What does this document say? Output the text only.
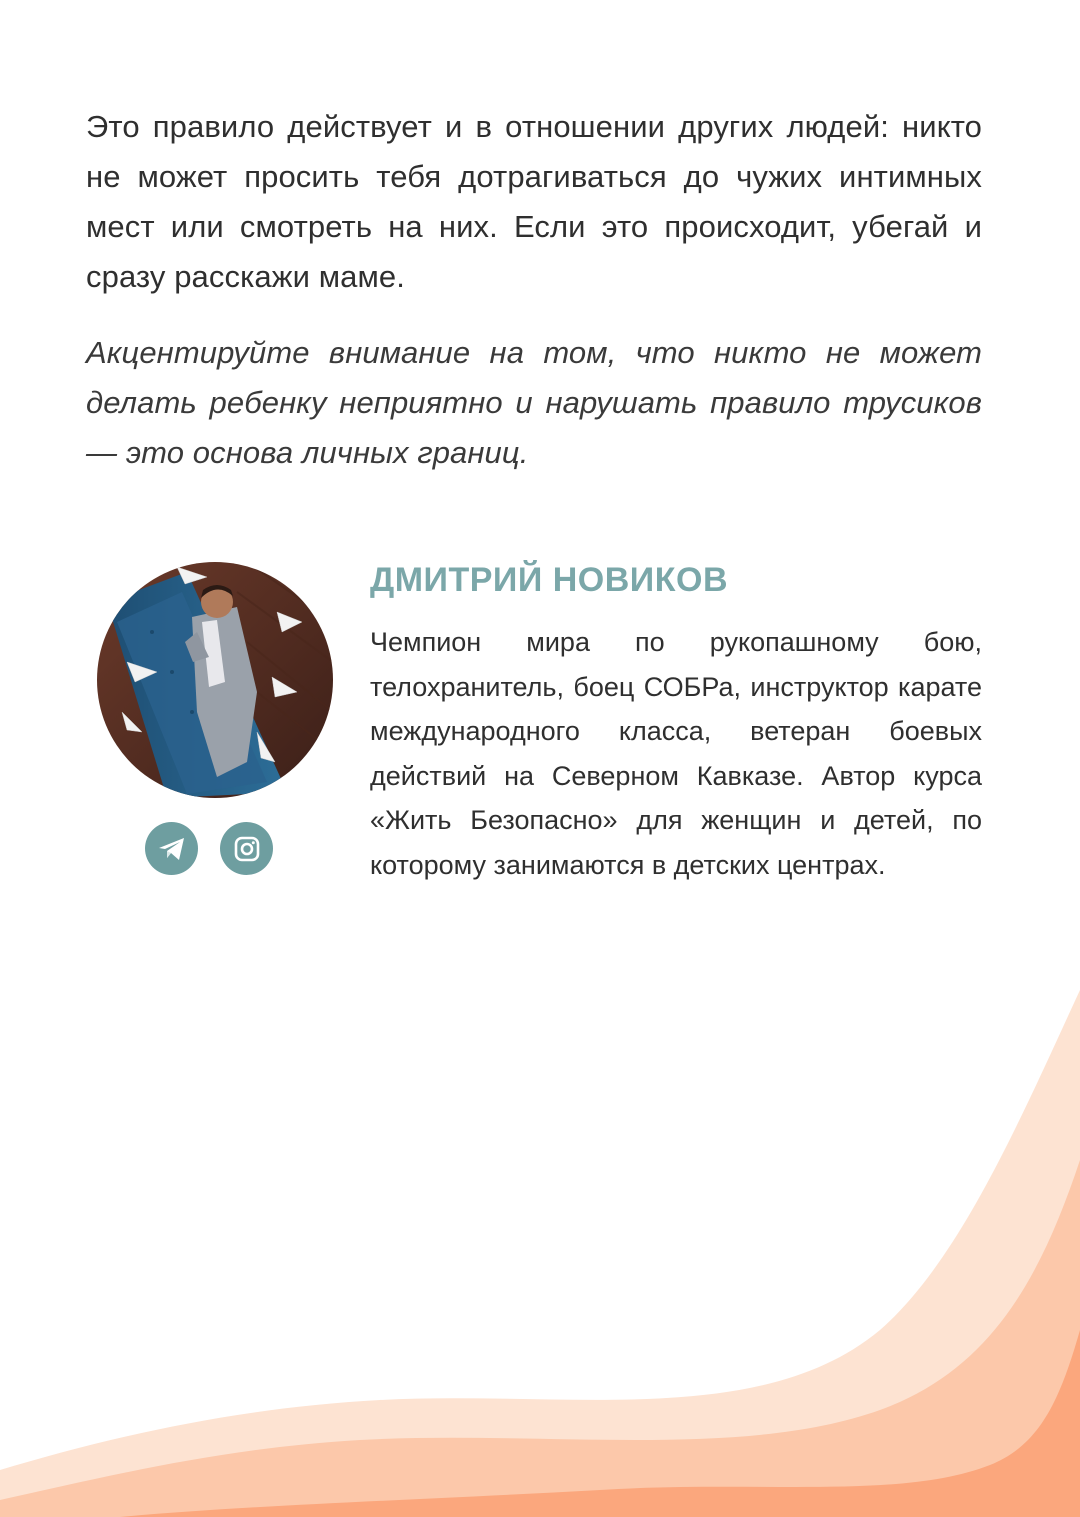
Это правило действует и в отношении других людей: никто не может просить тебя дотрагиваться до чужих интимных мест или смотреть на них. Если это происходит, убегай и сразу расскажи маме.

Акцентируйте внимание на том, что никто не может делать ребенку неприятно и нарушать правило трусиков — это основа личных границ.

ДМИТРИЙ НОВИКОВ

Чемпион мира по рукопашному бою, телохранитель, боец СОБРа, инструктор карате международного класса, ветеран боевых действий на Северном Кавказе. Автор курса «Жить Безопасно» для женщин и детей, по которому занимаются в детских центрах.
